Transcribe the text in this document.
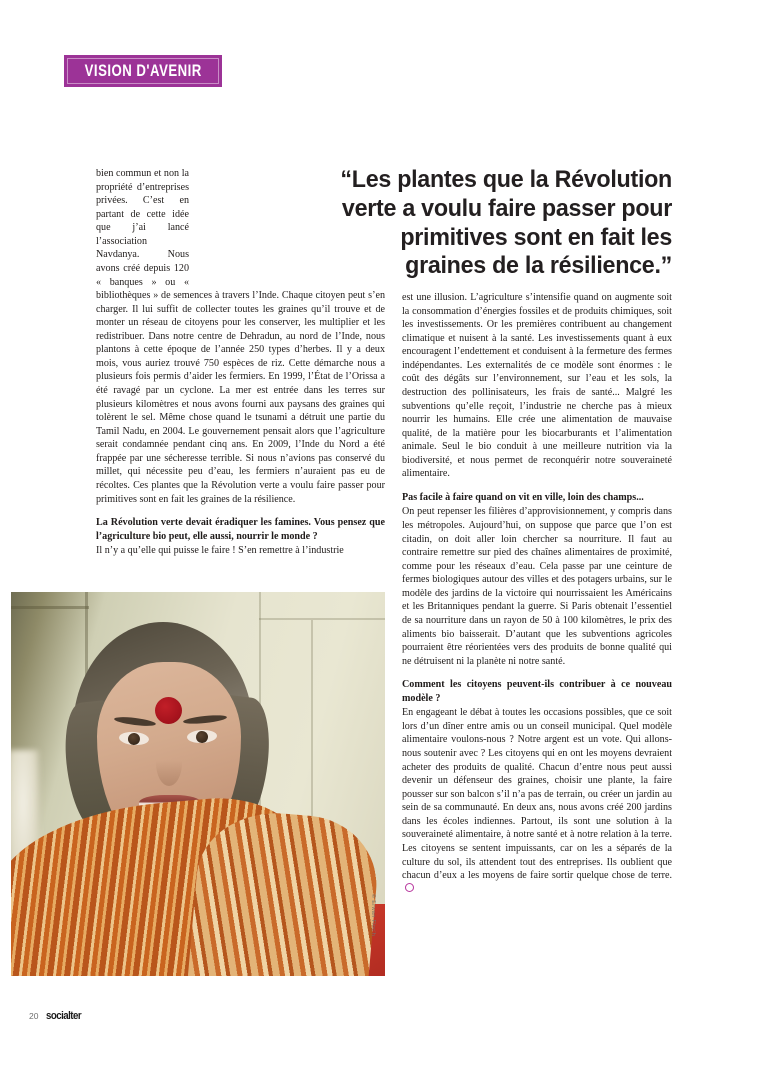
VISION D'AVENIR
“Les plantes que la Révolution verte a voulu faire passer pour primitives sont en fait les graines de la résilience.”

bien commun et non la propriété d’entreprises privées. C’est en partant de cette idée que j’ai lancé l’association Navdanya. Nous avons créé depuis 120 « banques » ou « bibliothèques » de semences à travers l’Inde. Chaque citoyen peut s’en charger. Il lui suffit de collecter toutes les graines qu’il trouve et de monter un réseau de citoyens pour les conserver, les multiplier et les redistribuer. Dans notre centre de Dehradun, au nord de l’Inde, nous plantons à cette époque de l’année 250 types d’herbes. Il y a deux mois, vous auriez trouvé 750 espèces de riz. Cette démarche nous a plusieurs fois permis d’aider les fermiers. En 1999, l’État de l’Orissa a été ravagé par un cyclone. La mer est entrée dans les terres sur plusieurs kilomètres et nous avons fourni aux paysans des graines qui tolèrent le sel. Même chose quand le tsunami a détruit une partie du Tamil Nadu, en 2004. Le gouvernement pensait alors que l’agriculture serait condamnée pendant cinq ans. En 2009, l’Inde du Nord a été frappée par une sécheresse terrible. Si nous n’avions pas conservé du millet, qui nécessite peu d’eau, les fermiers n’auraient pas eu de récoltes. Ces plantes que la Révolution verte a voulu faire passer pour primitives sont en fait les graines de la résilience.

La Révolution verte devait éradiquer les famines. Vous pensez que l’agriculture bio peut, elle aussi, nourrir le monde ?

Il n’y a qu’elle qui puisse le faire ! S’en remettre à l’industrie

est une illusion. L’agriculture s’intensifie quand on augmente soit la consommation d’énergies fossiles et de produits chimiques, soit les investissements. Or les premières contribuent au changement climatique et nuisent à la santé. Les investissements quant à eux encouragent l’endettement et conduisent à la fermeture des fermes indépendantes. Les externalités de ce modèle sont énormes : le coût des dégâts sur l’environnement, sur l’eau et les sols, la destruction des pollinisateurs, les frais de santé... Malgré les subventions qu’elle reçoit, l’industrie ne cherche pas à mieux nourrir les humains. Elle crée une alimentation de mauvaise qualité, de la matière pour les biocarburants et l’alimentation animale. Seul le bio conduit à une meilleure nutrition via la biodiversité, et nous permet de reconquérir notre souveraineté alimentaire.

Pas facile à faire quand on vit en ville, loin des champs...

On peut repenser les filières d’approvisionnement, y compris dans les métropoles. Aujourd’hui, on suppose que parce que l’on est citadin, on doit aller loin chercher sa nourriture. Il faut au contraire remettre sur pied des chaînes alimentaires de proximité, comme pour les réseaux d’eau. Cela passe par une ceinture de fermes biologiques autour des villes et des potagers urbains, sur le modèle des jardins de la victoire qui nourrissaient les Américains et les Britanniques pendant la guerre. Si Paris obtenait l’essentiel de sa nourriture dans un rayon de 50 à 100 kilomètres, le prix des aliments bio baisserait. D’autant que les subventions agricoles pourraient être réorientées vers des produits de bonne qualité qui ne détruisent ni la planète ni notre santé.

Comment les citoyens peuvent-ils contribuer à ce nouveau modèle ?

En engageant le débat à toutes les occasions possibles, que ce soit lors d’un dîner entre amis ou un conseil municipal. Quel modèle alimentaire voulons-nous ? Notre argent est un vote. Qui allons-nous soutenir avec ? Les citoyens qui en ont les moyens devraient acheter des produits de qualité. Chacun d’entre nous peut aussi devenir un défenseur des graines, choisir une plante, la faire pousser sur son balcon s’il n’a pas de terrain, ou créer un jardin au sein de sa communauté. En deux ans, nous avons créé 200 jardins dans les écoles indiennes. Partout, ils sont une solution à la souveraineté alimentaire, à notre santé et à notre relation à la terre. Les citoyens se sentent impuissants, car on les a séparés de la culture du sol, ils attendent tout des entreprises. Ils oublient que chacun d’eux a les moyens de faire sortir quelque chose de terre.

© Erwan Floc’h
20 socialter
